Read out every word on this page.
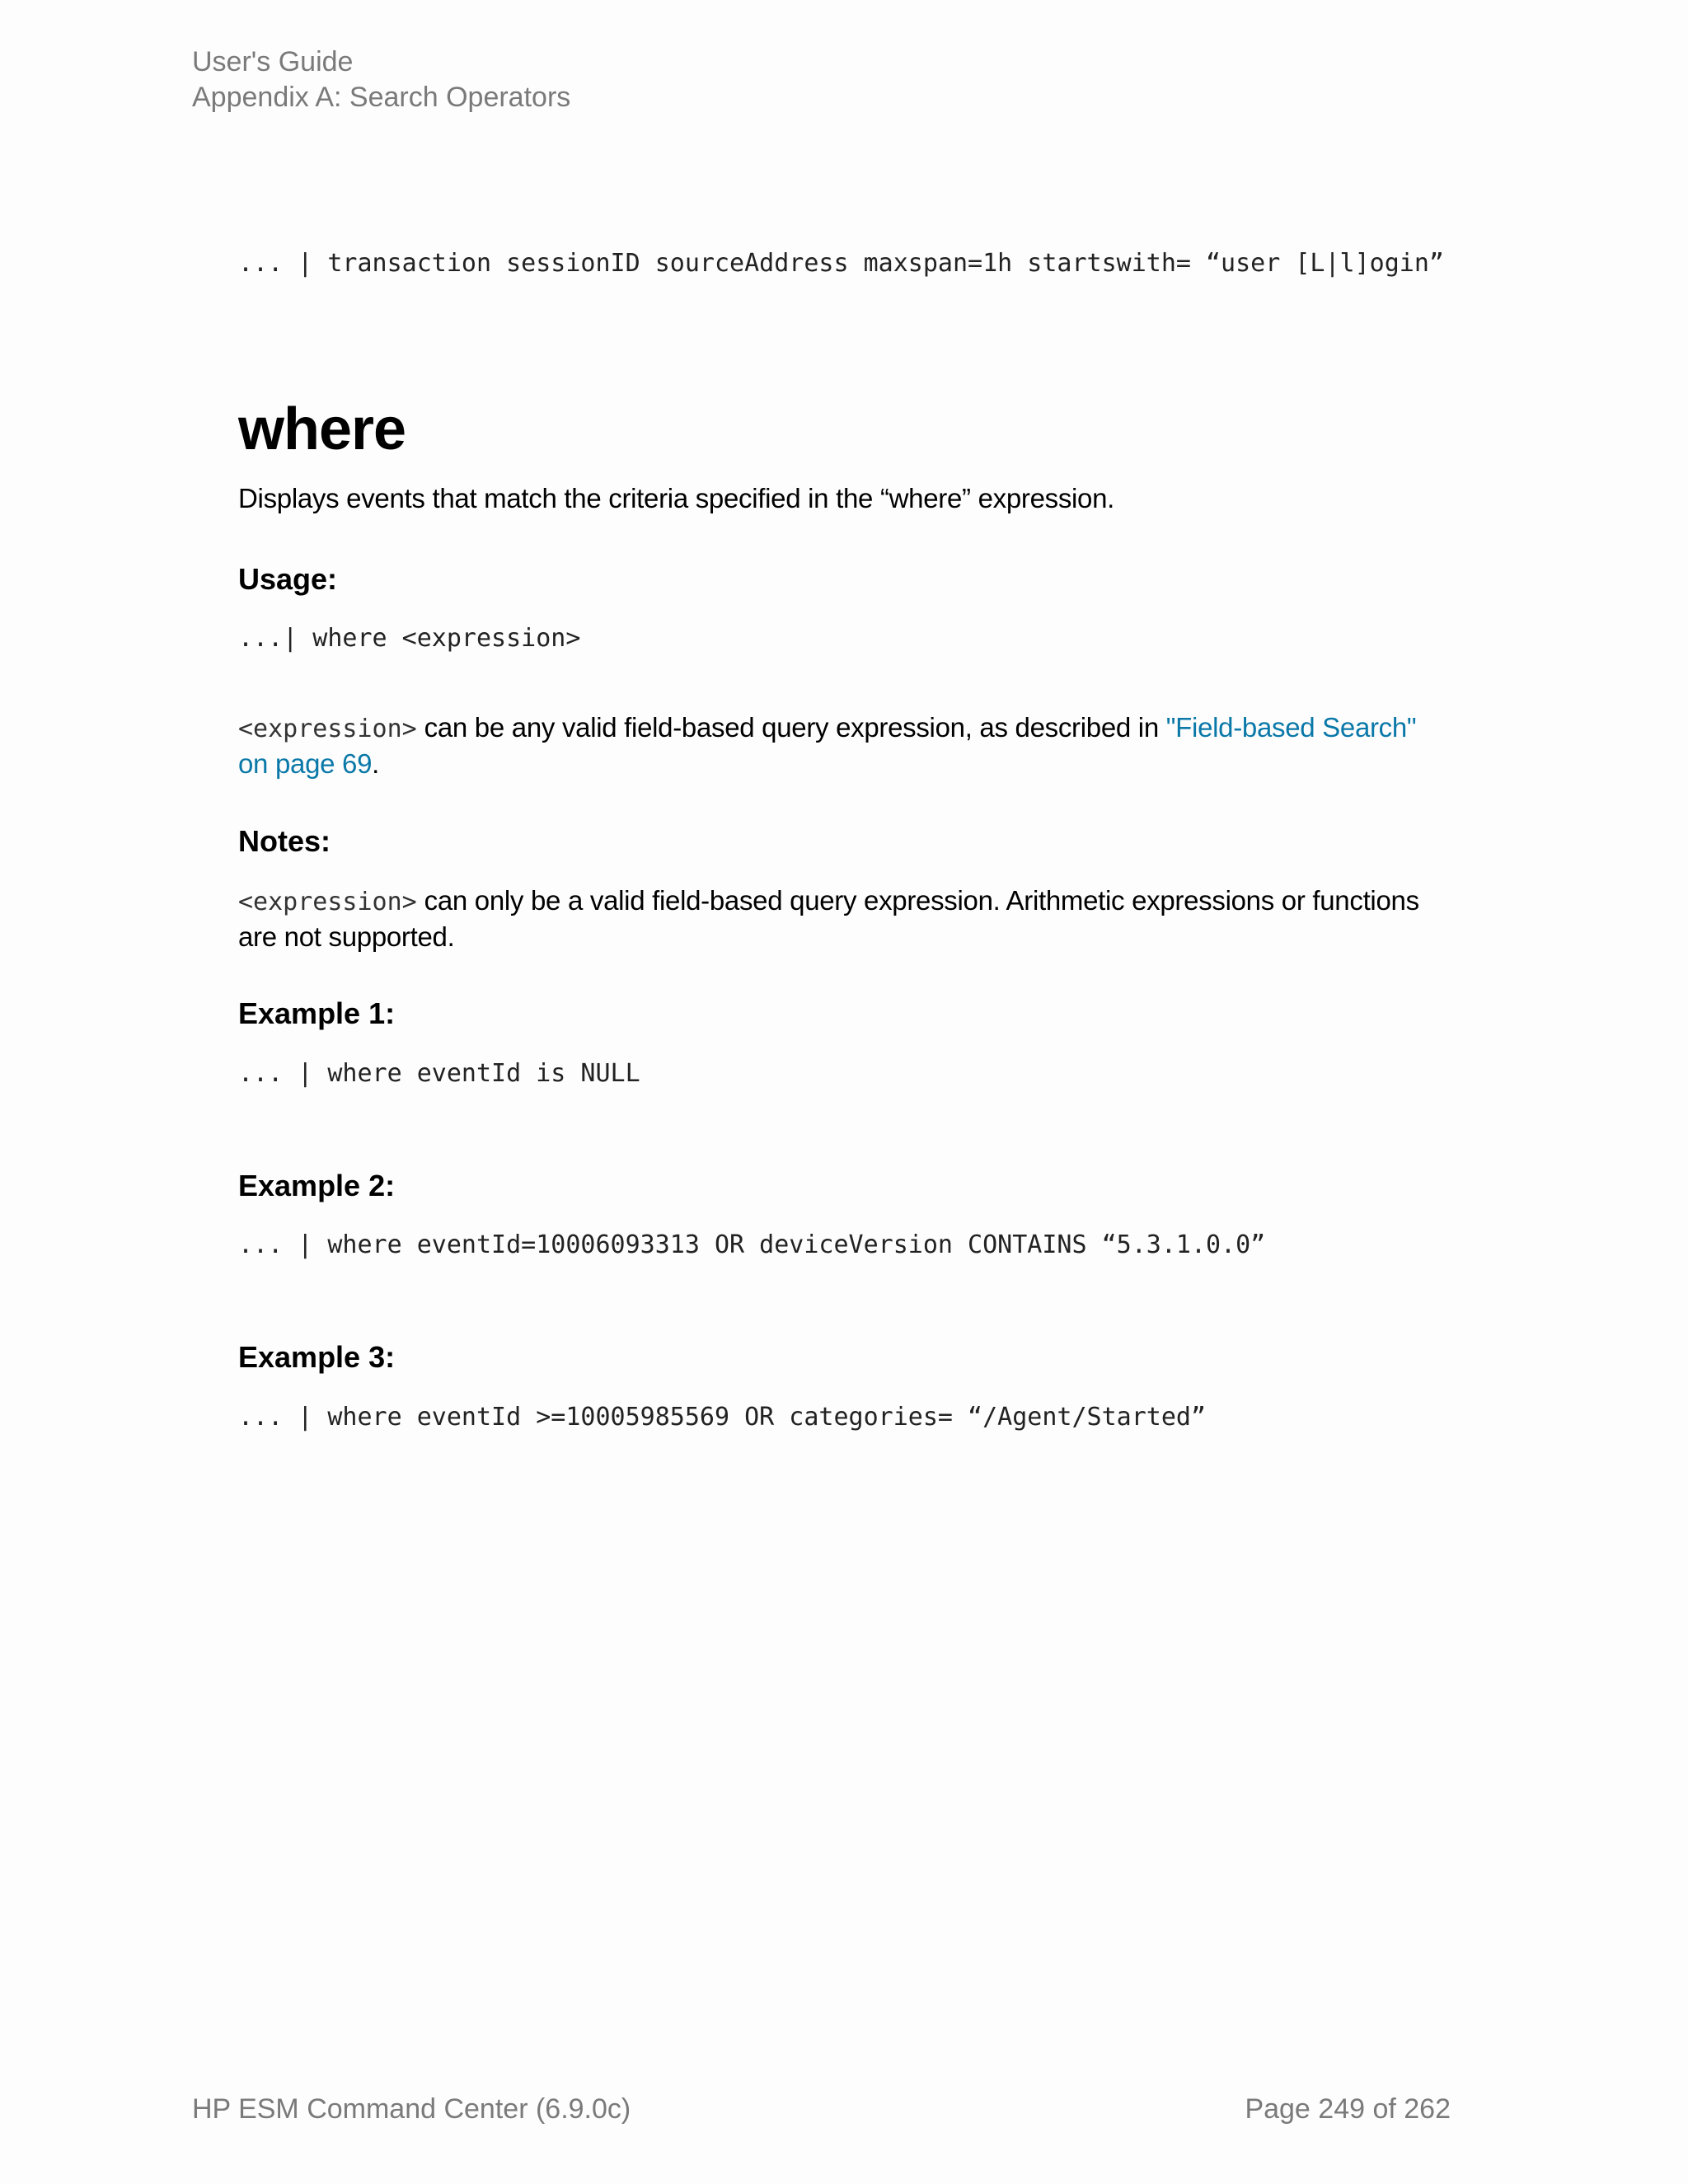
User's Guide
Appendix A: Search Operators
... | transaction sessionID sourceAddress maxspan=1h startswith= “user [L|l]ogin”
where
Displays events that match the criteria specified in the “where” expression.
Usage:
...| where <expression>
<expression> can be any valid field-based query expression, as described in "Field-based Search" on page 69.
Notes:
<expression> can only be a valid field-based query expression. Arithmetic expressions or functions are not supported.
Example 1:
... | where eventId is NULL
Example 2:
... | where eventId=10006093313 OR deviceVersion CONTAINS “5.3.1.0.0”
Example 3:
... | where eventId >=10005985569 OR categories= “/Agent/Started”
HP ESM Command Center (6.9.0c)	Page 249 of 262
